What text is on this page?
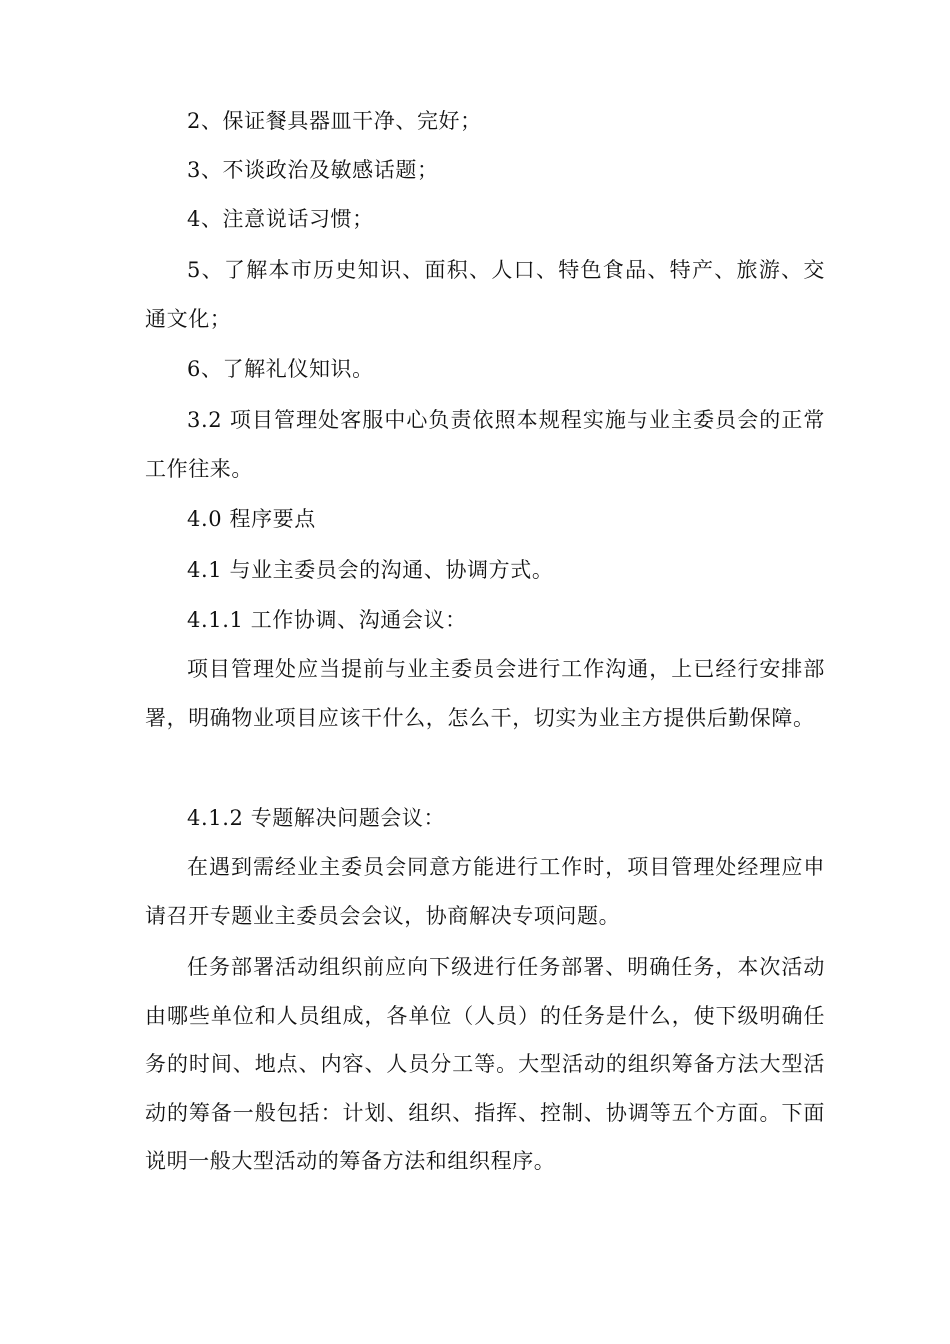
2、保证餐具器皿干净、完好；
3、不谈政治及敏感话题；
4、注意说话习惯；
5、了解本市历史知识、面积、人口、特色食品、特产、旅游、交通文化；
6、了解礼仪知识。
3.2 项目管理处客服中心负责依照本规程实施与业主委员会的正常工作往来。
4.0 程序要点
4.1 与业主委员会的沟通、协调方式。
4.1.1 工作协调、沟通会议：
项目管理处应当提前与业主委员会进行工作沟通，上已经行安排部署，明确物业项目应该干什么，怎么干，切实为业主方提供后勤保障。
4.1.2 专题解决问题会议：
在遇到需经业主委员会同意方能进行工作时，项目管理处经理应申请召开专题业主委员会会议，协商解决专项问题。
任务部署活动组织前应向下级进行任务部署、明确任务，本次活动由哪些单位和人员组成，各单位（人员）的任务是什么，使下级明确任务的时间、地点、内容、人员分工等。大型活动的组织筹备方法大型活动的筹备一般包括：计划、组织、指挥、控制、协调等五个方面。下面说明一般大型活动的筹备方法和组织程序。
